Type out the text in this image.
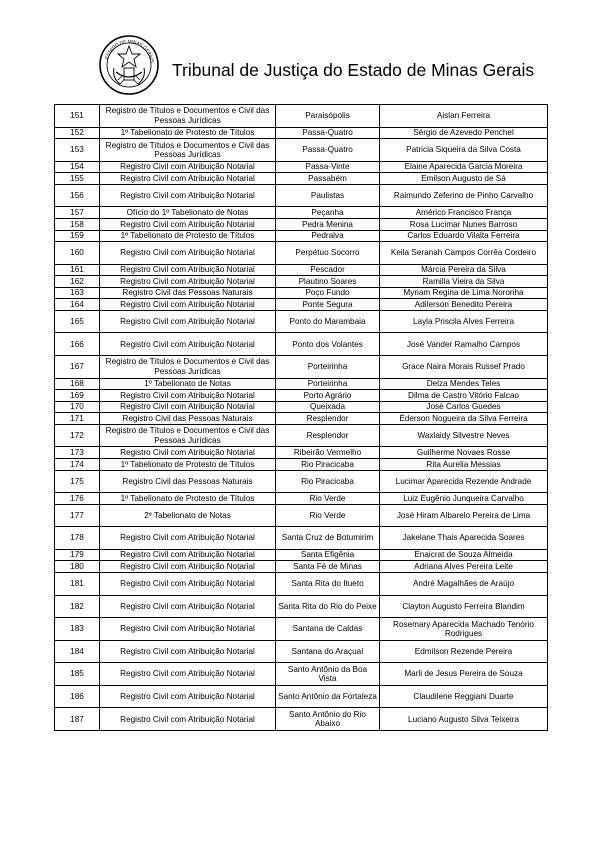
ESTADO DE MINAS GERAIS Tribunal de Justiça do Estado de Minas Gerais
151	Registro de Títulos e Documentos e Civil das Pessoas Jurídicas	Paraisópolis	Aislan Ferreira
152	1º Tabelionato de Protesto de Títulos	Passa-Quatro	Sérgio de Azevedo Penchel
153	Registro de Títulos e Documentos e Civil das Pessoas Jurídicas	Passa-Quatro	Patricia Siqueira da Silva Costa
154	Registro Civil com Atribuição Notarial	Passa-Vinte	Elaine Aparecida Garcia Moreira
155	Registro Civil com Atribuição Notarial	Passabém	Emilson Augusto de Sá
156	Registro Civil com Atribuição Notarial	Paulistas	Raimundo Zeferino de Pinho Carvalho
157	Ofício do 1º Tabelionato de Notas	Peçanha	Américo Francisco França
158	Registro Civil com Atribuição Notarial	Pedra Menina	Rosa Lucimar Nunes Barroso
159	1º Tabelionato de Protesto de Títulos	Pedralva	Carlos Eduardo Vilalta Ferreira
160	Registro Civil com Atribuição Notarial	Perpétuo Socorro	Keila Seranah Campos Corrêa Cordeiro
161	Registro Civil com Atribuição Notarial	Pescador	Márcia Pereira da Silva
162	Registro Civil com Atribuição Notarial	Plautino Soares	Ramilla Vieira da Silva
163	Registro Civil das Pessoas Naturais	Poço Fundo	Myriam Regina de Lima Noronha
164	Registro Civil com Atribuição Notarial	Ponte Segura	Adilerson Benedito Pereira
165	Registro Civil com Atribuição Notarial	Ponto do Marambaia	Layla Priscila Alves Ferreira
166	Registro Civil com Atribuição Notarial	Ponto dos Volantes	José Vander Ramalho Campos
167	Registro de Títulos e Documentos e Civil das Pessoas Jurídicas	Porteirinha	Grace Naira Morais Russef Prado
168	1º Tabelionato de Notas	Porteirinha	Delza Mendes Teles
169	Registro Civil com Atribuição Notarial	Porto Agrário	Dilma de Castro Vitório Falcao
170	Registro Civil com Atribuição Notarial	Queixada	José Carlos Guedes
171	Registro Civil das Pessoas Naturais	Resplendor	Éderson Nogueira da Silva Ferreira
172	Registro de Títulos e Documentos e Civil das Pessoas Jurídicas	Resplendor	Waxlaidy Silvestre Neves
173	Registro Civil com Atribuição Notarial	Ribeirão Vermelho	Guilherme Novaes Rosse
174	1º Tabelionato de Protesto de Títulos	Rio Piracicaba	Rita Aurelia Messias
175	Registro Civil das Pessoas Naturais	Rio Piracicaba	Lucimar Aparecida Rezende Andrade
176	1º Tabelionato de Protesto de Títulos	Rio Verde	Luiz Eugênio Junqueira Carvalho
177	2º Tabelionato de Notas	Rio Verde	José Hiram Albarelo Pereira de Lima
178	Registro Civil com Atribuição Notarial	Santa Cruz de Botumirim	Jakelane Thais Aparecida Soares
179	Registro Civil com Atribuição Notarial	Santa Efigênia	Enaicrat de Souza Almeida
180	Registro Civil com Atribuição Notarial	Santa Fé de Minas	Adriana Alves Pereira Leite
181	Registro Civil com Atribuição Notarial	Santa Rita do Itueto	André Magalhães de Araújo
182	Registro Civil com Atribuição Notarial	Santa Rita do Rio do Peixe	Clayton Augusto Ferreira Blandim
183	Registro Civil com Atribuição Notarial	Santana de Caldas	Rosemary Aparecida Machado Tenório Rodrigues
184	Registro Civil com Atribuição Notarial	Santana do Araçuaí	Edmilson Rezende Pereira
185	Registro Civil com Atribuição Notarial	Santo Antônio da Boa Vista	Marli de Jesus Pereira de Souza
186	Registro Civil com Atribuição Notarial	Santo Antônio da Fortaleza	Claudilene Reggiani Duarte
187	Registro Civil com Atribuição Notarial	Santo Antônio do Rio Abaixo	Luciano Augusto Silva Teixeira
